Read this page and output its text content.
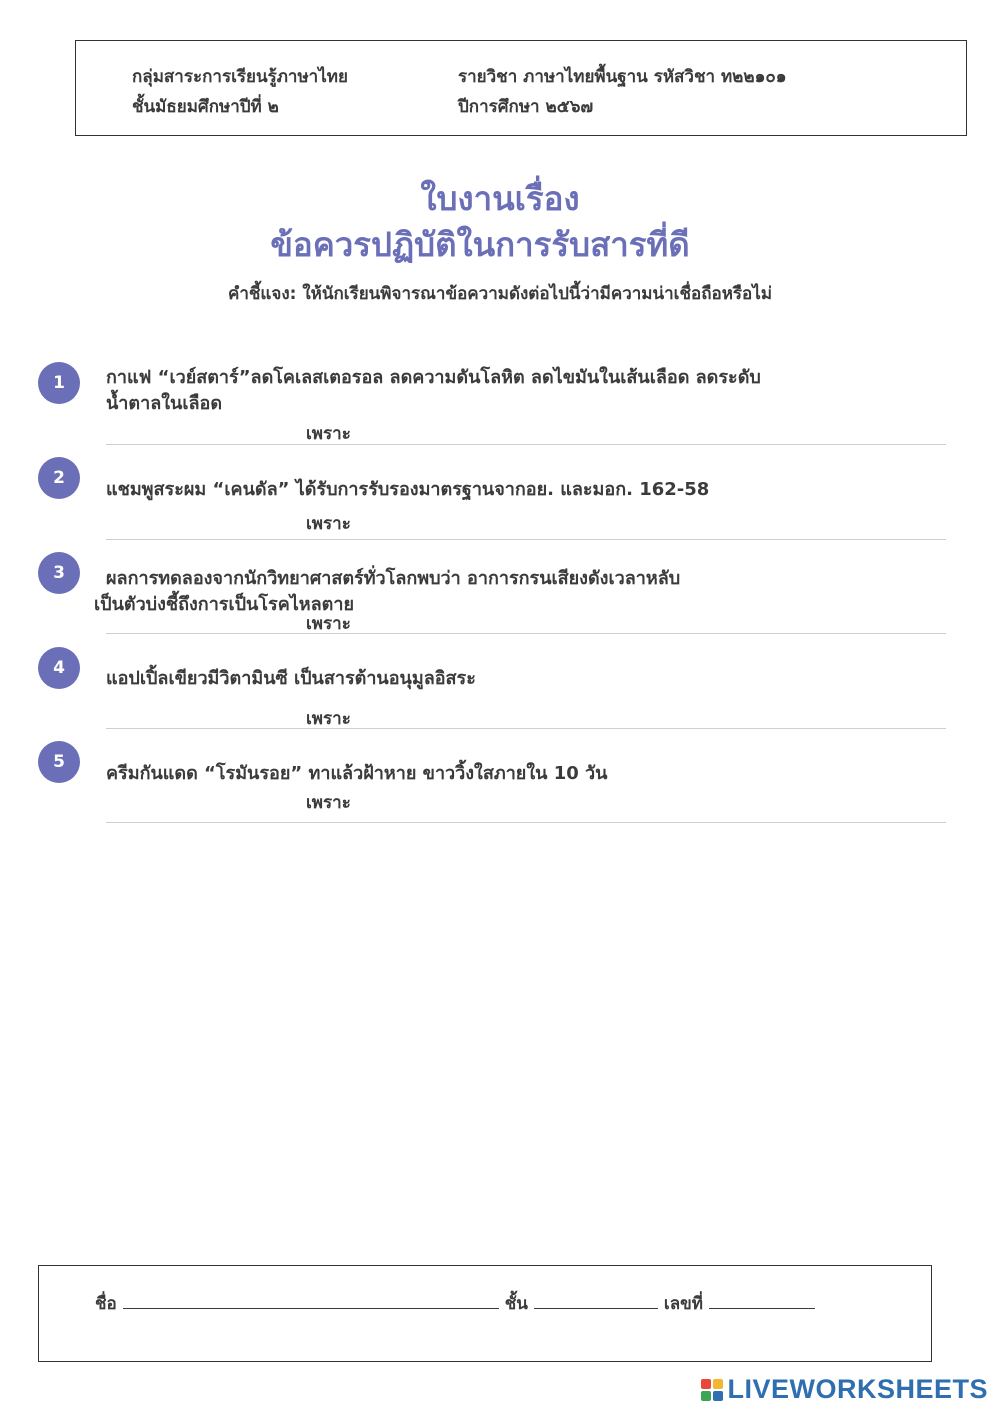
กลุ่มสาระการเรียนรู้ภาษาไทย
ชั้นมัธยมศึกษาปีที่ ๒
รายวิชา ภาษาไทยพื้นฐาน รหัสวิชา ท๒๒๑๐๑
ปีการศึกษา ๒๕๖๗
ใบงานเรื่อง
ข้อควรปฏิบัติในการรับสารที่ดี
คำชี้แจง: ให้นักเรียนพิจารณาข้อความดังต่อไปนี้ว่ามีความน่าเชื่อถือหรือไม่
1	กาแฟ “เวย์สตาร์”ลดโคเลสเตอรอล ลดความดันโลหิต ลดไขมันในเส้นเลือด ลดระดับ
น้ำตาลในเลือด
เพราะ
2
แชมพูสระผม “เคนดัล” ได้รับการรับรองมาตรฐานจากอย. และมอก. 162-58
เพราะ
3	ผลการทดลองจากนักวิทยาศาสตร์ทั่วโลกพบว่า อาการกรนเสียงดังเวลาหลับ
เป็นตัวบ่งชี้ถึงการเป็นโรคไหลตาย
เพราะ
4	แอปเปิ้ลเขียวมีวิตามินซี เป็นสารต้านอนุมูลอิสระ
เพราะ
5
ครีมกันแดด “โรมันรอย” ทาแล้วฝ้าหาย ขาววิ้งใสภายใน 10 วัน
เพราะ
ชื่อ	ชั้น	เลขที่
LIVEWORKSHEETS
